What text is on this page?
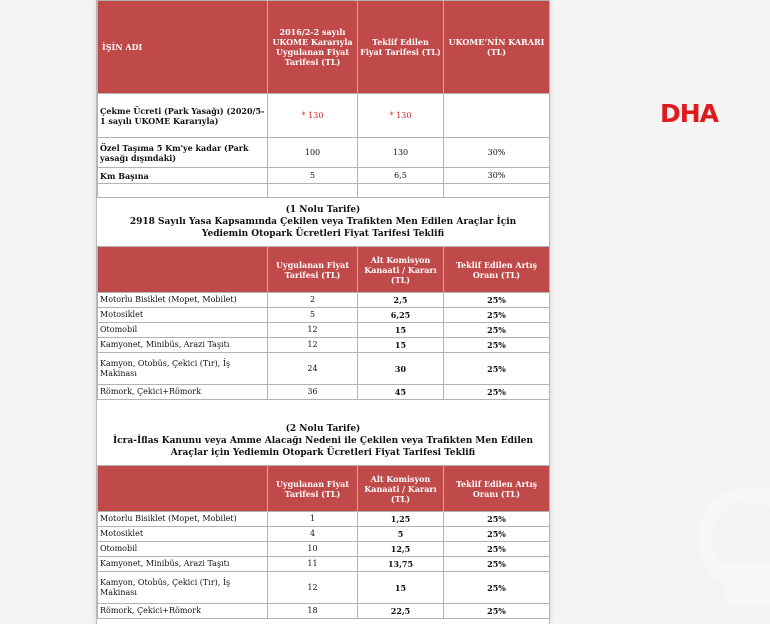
İŞİN ADI	2016/2-2 sayılı UKOME Kararıyla Uygulanan Fiyat Tarifesi (TL)	Teklif Edilen Fiyat Tarifesi (TL)	UKOME’NİN KARARI (TL)
Çekme Ücreti (Park Yasağı) (2020/5-1 sayılı UKOME Kararıyla)	* 130	* 130	
Özel Taşıma 5 Km'ye kadar (Park yasağı dışındaki)	100	130	30%
Km Başına	5	6,5	30%

(1 Nolu Tarife)
2918 Sayılı Yasa Kapsamında Çekilen veya Trafikten Men Edilen Araçlar İçin
Yediemin Otopark Ücretleri Fiyat Tarifesi Teklifi
	Uygulanan Fiyat Tarifesi (TL)	Alt Komisyon Kanaati / Kararı (TL)	Teklif Edilen Artış Oranı (TL)
Motorlu Bisiklet (Mopet, Mobilet)	2	2,5	25%
Motosiklet	5	6,25	25%
Otomobil	12	15	25%
Kamyonet, Minibüs, Arazi Taşıtı	12	15	25%
Kamyon, Otobüs, Çekici (Tır), İş Makinası	24	30	25%
Römork, Çekici+Römork	36	45	25%
(2 Nolu Tarife)
İcra-İflas Kanunu veya Amme Alacağı Nedeni ile Çekilen veya Trafikten Men Edilen
Araçlar için Yediemin Otopark Ücretleri Fiyat Tarifesi Teklifi
	Uygulanan Fiyat Tarifesi (TL)	Alt Komisyon Kanaati / Kararı (TL)	Teklif Edilen Artış Oranı (TL)
Motorlu Bisiklet (Mopet, Mobilet)	1	1,25	25%
Motosiklet	4	5	25%
Otomobil	10	12,5	25%
Kamyonet, Minibüs, Arazi Taşıtı	11	13,75	25%
Kamyon, Otobüs, Çekici (Tır), İş Makinası	12	15	25%
Römork, Çekici+Römork	18	22,5	25%
DHA
